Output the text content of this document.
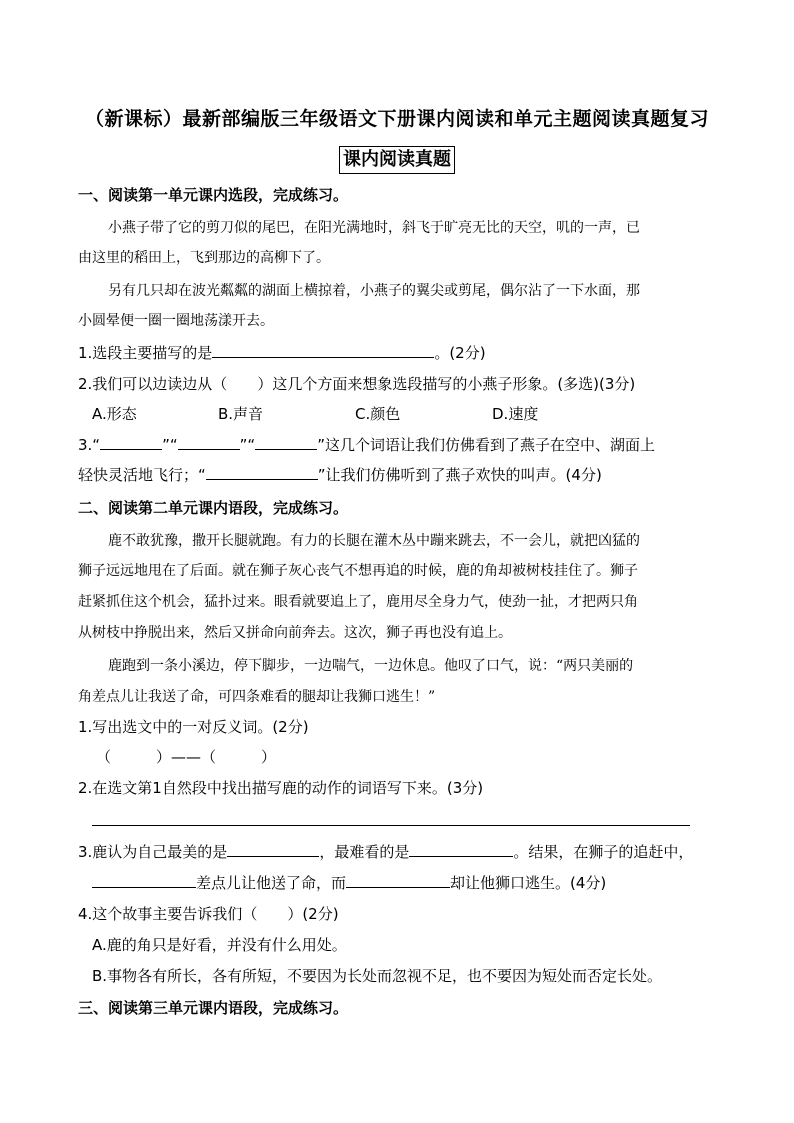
（新课标）最新部编版三年级语文下册课内阅读和单元主题阅读真题复习
课内阅读真题
一、阅读第一单元课内选段，完成练习。
小燕子带了它的剪刀似的尾巴，在阳光满地时，斜飞于旷亮无比的天空，叽的一声，已
由这里的稻田上，飞到那边的高柳下了。
另有几只却在波光粼粼的湖面上横掠着，小燕子的翼尖或剪尾，偶尔沾了一下水面，那
小圆晕便一圈一圈地荡漾开去。
1.选段主要描写的是	。(2分)
2.我们可以边读边从（　　）这几个方面来想象选段描写的小燕子形象。(多选)(3分)
A.形态	B.声音	C.颜色	D.速度
3.“	”“	”“	”这几个词语让我们仿佛看到了燕子在空中、湖面上
轻快灵活地飞行；“	”让我们仿佛听到了燕子欢快的叫声。(4分)
二、阅读第二单元课内语段，完成练习。
鹿不敢犹豫，撒开长腿就跑。有力的长腿在灌木丛中蹦来跳去，不一会儿，就把凶猛的
狮子远远地甩在了后面。就在狮子灰心丧气不想再追的时候，鹿的角却被树枝挂住了。狮子
赶紧抓住这个机会，猛扑过来。眼看就要追上了，鹿用尽全身力气，使劲一扯，才把两只角
从树枝中挣脱出来，然后又拼命向前奔去。这次，狮子再也没有追上。
鹿跑到一条小溪边，停下脚步，一边喘气，一边休息。他叹了口气，说：“两只美丽的
角差点儿让我送了命，可四条难看的腿却让我狮口逃生！”
1.写出选文中的一对反义词。(2分)
（　　　）——（　　　）
2.在选文第1自然段中找出描写鹿的动作的词语写下来。(3分)
3.鹿认为自己最美的是	，最难看的是	。结果，在狮子的追赶中，
差点儿让他送了命，而	却让他狮口逃生。(4分)
4.这个故事主要告诉我们（　　）(2分)
A.鹿的角只是好看，并没有什么用处。
B.事物各有所长，各有所短，不要因为长处而忽视不足，也不要因为短处而否定长处。
三、阅读第三单元课内语段，完成练习。
